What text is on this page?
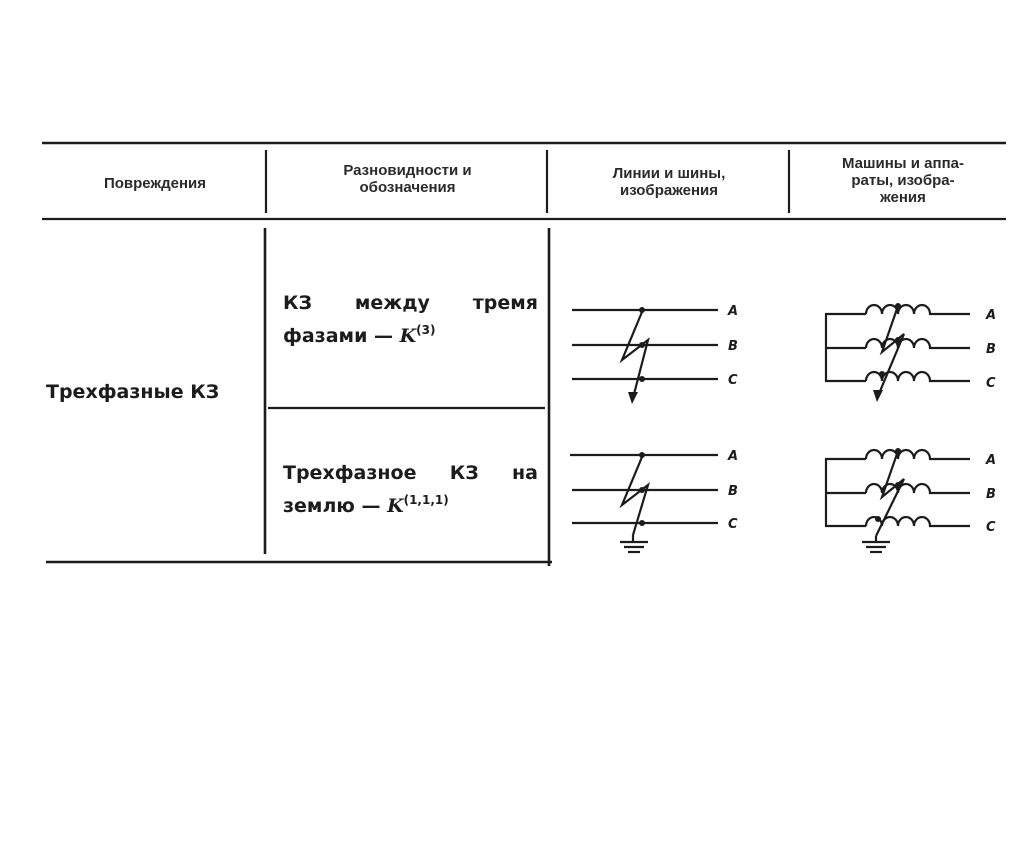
Повреждения
Разновидности и
обозначения
Линии и шины,
изображения
Машины и аппа-
раты, изобра-
жения
Трехфазные КЗ
КЗ между тремя
фазами — $K^{(3)}$
Трехфазное КЗ на
землю — K$^{(1,1,1)}$
A
B
C
A
B
C
A
B
C
A
B
C
